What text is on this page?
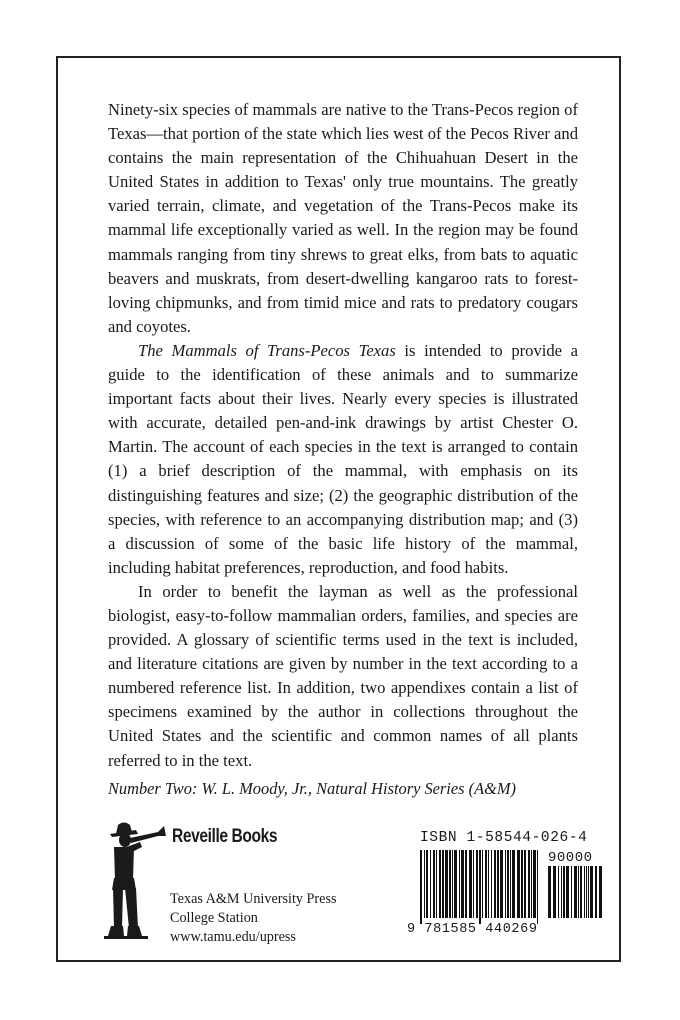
Ninety-six species of mammals are native to the Trans-Pecos region of Texas—that portion of the state which lies west of the Pecos River and contains the main representation of the Chihuahuan Desert in the United States in addition to Texas' only true mountains. The greatly varied terrain, climate, and vegetation of the Trans-Pecos make its mammal life exceptionally varied as well. In the region may be found mammals ranging from tiny shrews to great elks, from bats to aquatic beavers and muskrats, from desert-dwelling kangaroo rats to forest-loving chipmunks, and from timid mice and rats to predatory cougars and coyotes.

The Mammals of Trans-Pecos Texas is intended to provide a guide to the identification of these animals and to summarize important facts about their lives. Nearly every species is illustrated with accurate, detailed pen-and-ink drawings by artist Chester O. Martin. The account of each species in the text is arranged to contain (1) a brief description of the mammal, with emphasis on its distinguishing features and size; (2) the geographic distribution of the species, with reference to an accompanying distribution map; and (3) a discussion of some of the basic life history of the mammal, including habitat preferences, reproduction, and food habits.

In order to benefit the layman as well as the professional biologist, easy-to-follow mammalian orders, families, and species are provided. A glossary of scientific terms used in the text is included, and literature citations are given by number in the text according to a numbered reference list. In addition, two appendixes contain a list of specimens examined by the author in collections throughout the United States and the scientific and common names of all plants referred to in the text.

Number Two: W. L. Moody, Jr., Natural History Series (A&M)
Reveille Books
Texas A&M University Press
College Station
www.tamu.edu/upress
ISBN 1-58544-026-4
90000
9 781585 440269
